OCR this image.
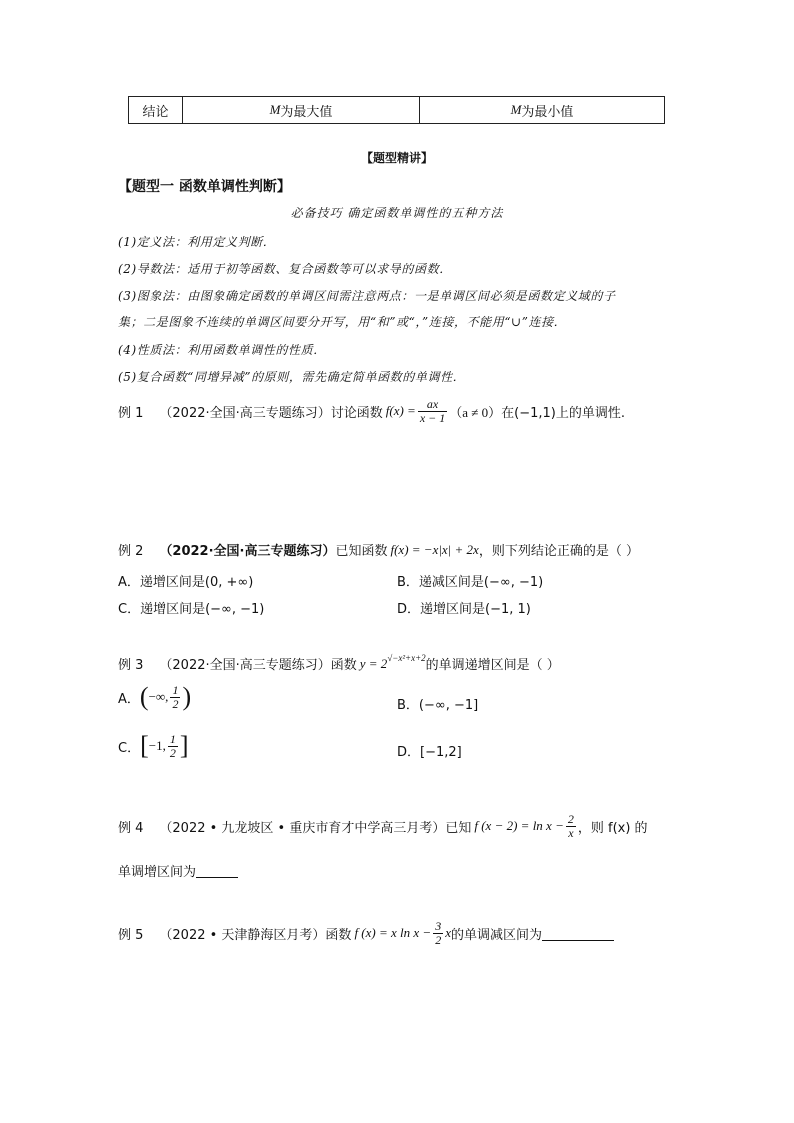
结论	M 为最大值	M 为最小值
【题型精讲】
【题型一 函数单调性判断】
必备技巧 确定函数单调性的五种方法
(1)定义法：利用定义判断．
(2)导数法：适用于初等函数、复合函数等可以求导的函数．
(3)图象法：由图象确定函数的单调区间需注意两点：一是单调区间必须是函数定义域的子
集；二是图象不连续的单调区间要分开写，用“和”或“，”连接，不能用“∪”连接．
(4)性质法：利用函数单调性的性质．
(5)复合函数“同增异减”的原则，需先确定简单函数的单调性．
例 1 （2022·全国·高三专题练习）讨论函数 $f(x) = \frac{ax}{x - 1} (a \ne 0)$ 在(−1,1)上的单调性.
例 2 （2022·全国·高三专题练习） 已知函数 f(x) = −x|x| + 2x ，则下列结论正确的是（ ）
A．递增区间是(0, +∞)	B．递减区间是(−∞, −1)
C．递增区间是(−∞, −1)	D．递增区间是(−1, 1)
例 3 （2022·全国·高三专题练习）函数 $y = 2^{√-x^2+x+2}$
的单调递增区间是（ ）
A． ( −∞, $\frac{1}{2}$ )	B．(−∞, −1]
C． [ −1, $\frac{1}{2}$ ]	D．[−1,2]
例 4 （2022 • 九龙坡区 • 重庆市育才中学高三月考）已知 f $(x - 2) = \ln x - \frac{2}{x}$ ，则 f(x) 的
单调增区间为
例 5 （2022 • 天津静海区月考）函数 f (x) = x $\ln x - \frac{3}{2}$ x 的单调减区间为
